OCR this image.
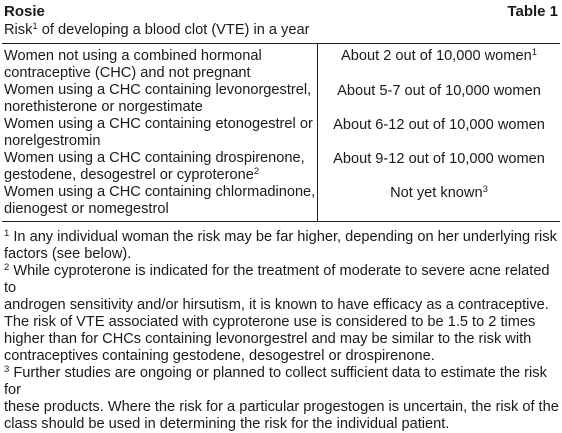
Rosie	Table 1
Risk$^1$ of developing a blood clot (VTE) in a year
Women not using a combined hormonal
contraceptive (CHC) and not pregnant
About 2 out of 10,000 women$^1$
Women using a CHC containing levonorgestrel,
norethisterone or norgestimate
About 5-7 out of 10,000 women
Women using a CHC containing etonogestrel or
norelgestromin
About 6-12 out of 10,000 women
Women using a CHC containing drospirenone,
gestodene, desogestrel or cyproterone$^2$
About 9-12 out of 10,000 women
Women using a CHC containing chlormadinone,
dienogest or nomegestrol
Not yet known$^3$
$^1$ In any individual woman the risk may be far higher, depending on her underlying risk
factors (see below).
$^2$ While cyproterone is indicated for the treatment of moderate to severe acne related to
androgen sensitivity and/or hirsutism, it is known to have efficacy as a contraceptive.
The risk of VTE associated with cyproterone use is considered to be 1.5 to 2 times
higher than for CHCs containing levonorgestrel and may be similar to the risk with
contraceptives containing gestodene, desogestrel or drospirenone.
$^3$ Further studies are ongoing or planned to collect sufficient data to estimate the risk for
these products. Where the risk for a particular progestogen is uncertain, the risk of the
class should be used in determining the risk for the individual patient.
